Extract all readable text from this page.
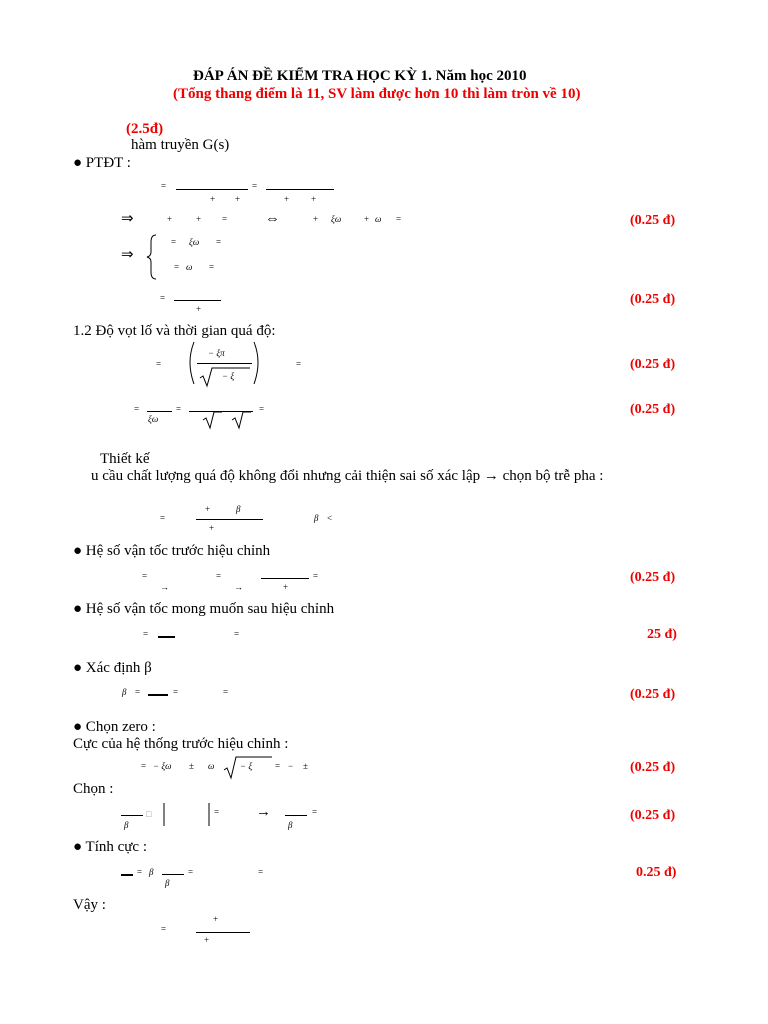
ĐÁP ÁN ĐỀ KIỂM TRA HỌC KỲ 1. Năm học 2010
(Tổng thang điểm là 11, SV làm được hơn 10 thì làm tròn về 10)
(2.5đ)
hàm truyền G(s)
● PTĐT :
=	=
+ +	+ +
⇒	+	+ =	⇔	+ ξω	+ ω =	(0.25 đ)
⇒
= ξω =
= ω =
=
+
(0.25 đ)
1.2 Độ vọt lố và thời gian quá độ:
=
− ξπ
− ξ
=	(0.25 đ)
=
ξω
=	=	(0.25 đ)
Thiết kế
u cầu chất lượng quá độ không đổi nhưng cải thiện sai số xác lập → chọn bộ trễ pha :
=
+	β
+
β <
● Hệ số vận tốc trước hiệu chỉnh
=
→
=
→	+
=	(0.25 đ)
● Hệ số vận tốc mong muốn sau hiệu chỉnh
=	=	25 đ)
● Xác định β
β =	=	=	(0.25 đ)
● Chọn zero :
Cực của hệ thống trước hiệu chỉnh :
= − ξω ± ω	− ξ	= − ±	(0.25 đ)
Chọn :
β
□	= →
β
=	(0.25 đ)
● Tính cực :
= β
β
=	=	0.25 đ)
Vậy :
=
+
+
